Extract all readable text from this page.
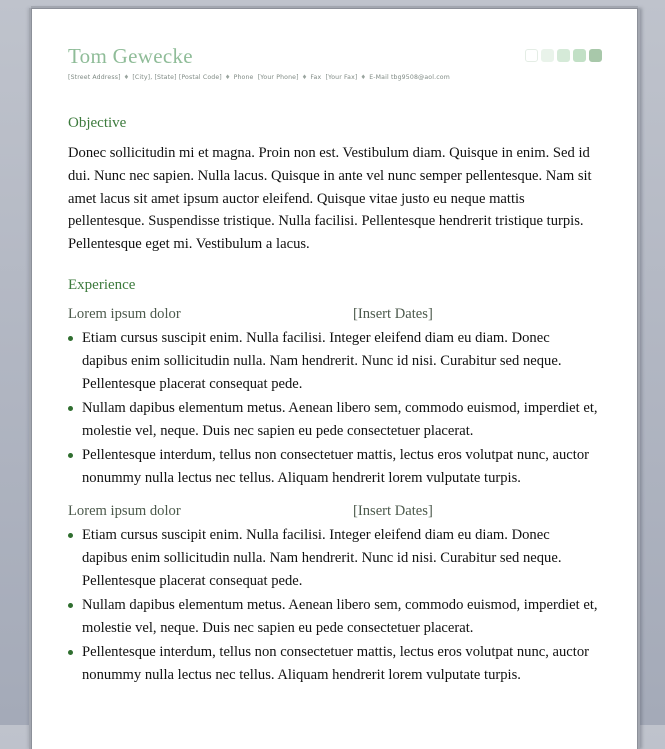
Tom Gewecke
[Street Address] ♦ [City], [State] [Postal Code] ♦ Phone [Your Phone] ♦ Fax [Your Fax] ♦ E-Mail tbg9508@aol.com
Objective
Donec sollicitudin mi et magna. Proin non est. Vestibulum diam. Quisque in enim. Sed id dui. Nunc nec sapien. Nulla lacus. Quisque in ante vel nunc semper pellentesque. Nam sit amet lacus sit amet ipsum auctor eleifend. Quisque vitae justo eu neque mattis pellentesque. Suspendisse tristique. Nulla facilisi. Pellentesque hendrerit tristique turpis. Pellentesque eget mi. Vestibulum a lacus.
Experience
Lorem ipsum dolor	[Insert Dates]
Etiam cursus suscipit enim. Nulla facilisi. Integer eleifend diam eu diam. Donec dapibus enim sollicitudin nulla. Nam hendrerit. Nunc id nisi. Curabitur sed neque. Pellentesque placerat consequat pede.
Nullam dapibus elementum metus. Aenean libero sem, commodo euismod, imperdiet et, molestie vel, neque. Duis nec sapien eu pede consectetuer placerat.
Pellentesque interdum, tellus non consectetuer mattis, lectus eros volutpat nunc, auctor nonummy nulla lectus nec tellus. Aliquam hendrerit lorem vulputate turpis.
Lorem ipsum dolor	[Insert Dates]
Etiam cursus suscipit enim. Nulla facilisi. Integer eleifend diam eu diam. Donec dapibus enim sollicitudin nulla. Nam hendrerit. Nunc id nisi. Curabitur sed neque. Pellentesque placerat consequat pede.
Nullam dapibus elementum metus. Aenean libero sem, commodo euismod, imperdiet et, molestie vel, neque. Duis nec sapien eu pede consectetuer placerat.
Pellentesque interdum, tellus non consectetuer mattis, lectus eros volutpat nunc, auctor nonummy nulla lectus nec tellus. Aliquam hendrerit lorem vulputate turpis.
